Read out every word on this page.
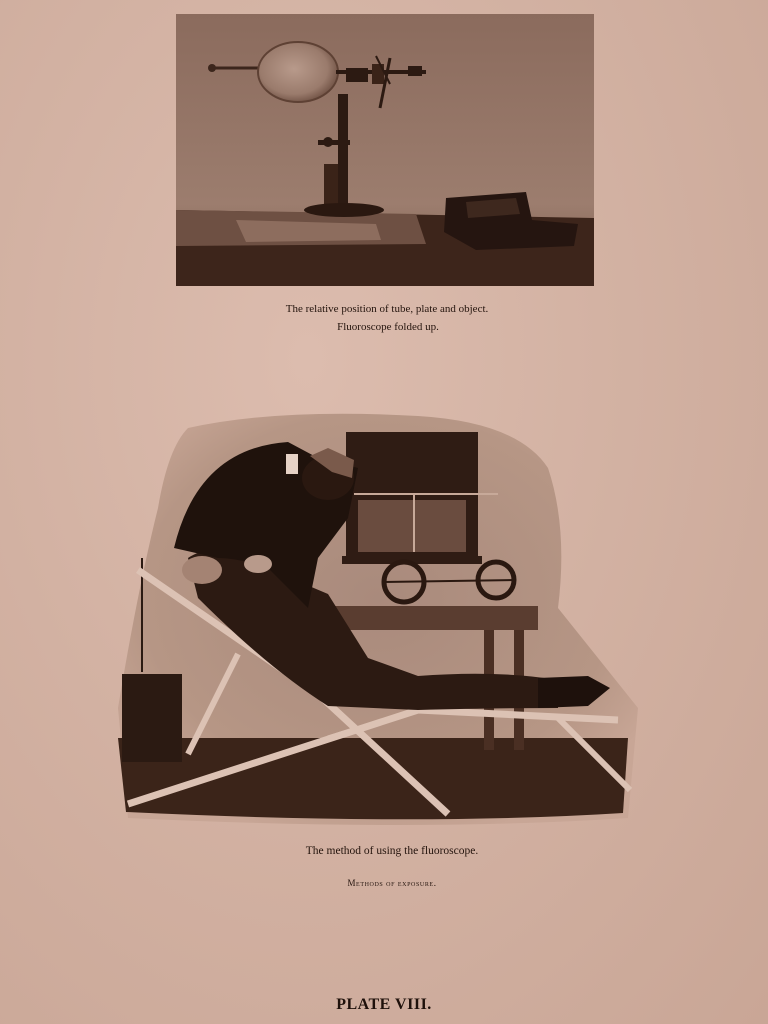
The relative position of tube, plate and object.
Fluoroscope folded up.
The method of using the fluoroscope.
Methods of exposure.
PLATE VIII.
